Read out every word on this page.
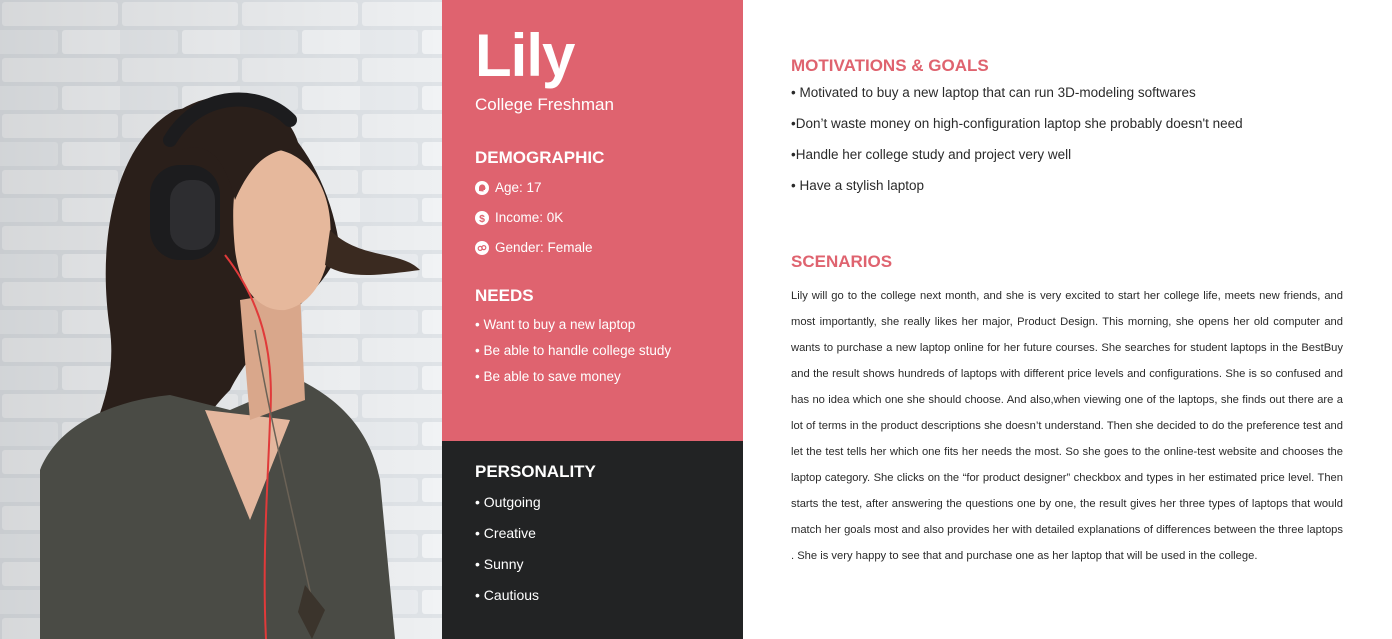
Lily
College Freshman
DEMOGRAPHIC
Age: 17
$ Income: 0K
Gender: Female
NEEDS
• Want to buy a new laptop
• Be able to handle college study
• Be able to save money
PERSONALITY
• Outgoing
• Creative
• Sunny
• Cautious
MOTIVATIONS & GOALS
• Motivated to buy a new laptop that can run 3D-modeling softwares
•Don’t waste money on high-configuration laptop she probably doesn't need
•Handle her college study and project very well
• Have a stylish laptop
SCENARIOS
Lily will go to the college next month, and she is very excited to start her college life, meets new friends, and most importantly, she really likes her major, Product Design. This morning, she opens her old computer and wants to purchase a new laptop online for her future courses. She searches for student laptops in the BestBuy and the result shows hundreds of laptops with different price levels and configurations. She is so confused and has no idea which one she should choose. And also,when viewing one of the laptops, she finds out there are a lot of terms in the product descriptions she doesn’t understand. Then she decided to do the preference test and let the test tells her which one fits her needs the most. So she goes to the online-test website and chooses the laptop category. She clicks on the “for product designer” checkbox and types in her estimated price level. Then starts the test, after answering the questions one by one, the result gives her three types of laptops that would match her goals most and also provides her with detailed explanations of differences between the three laptops . She is very happy to see that and purchase one as her laptop that will be used in the college.
